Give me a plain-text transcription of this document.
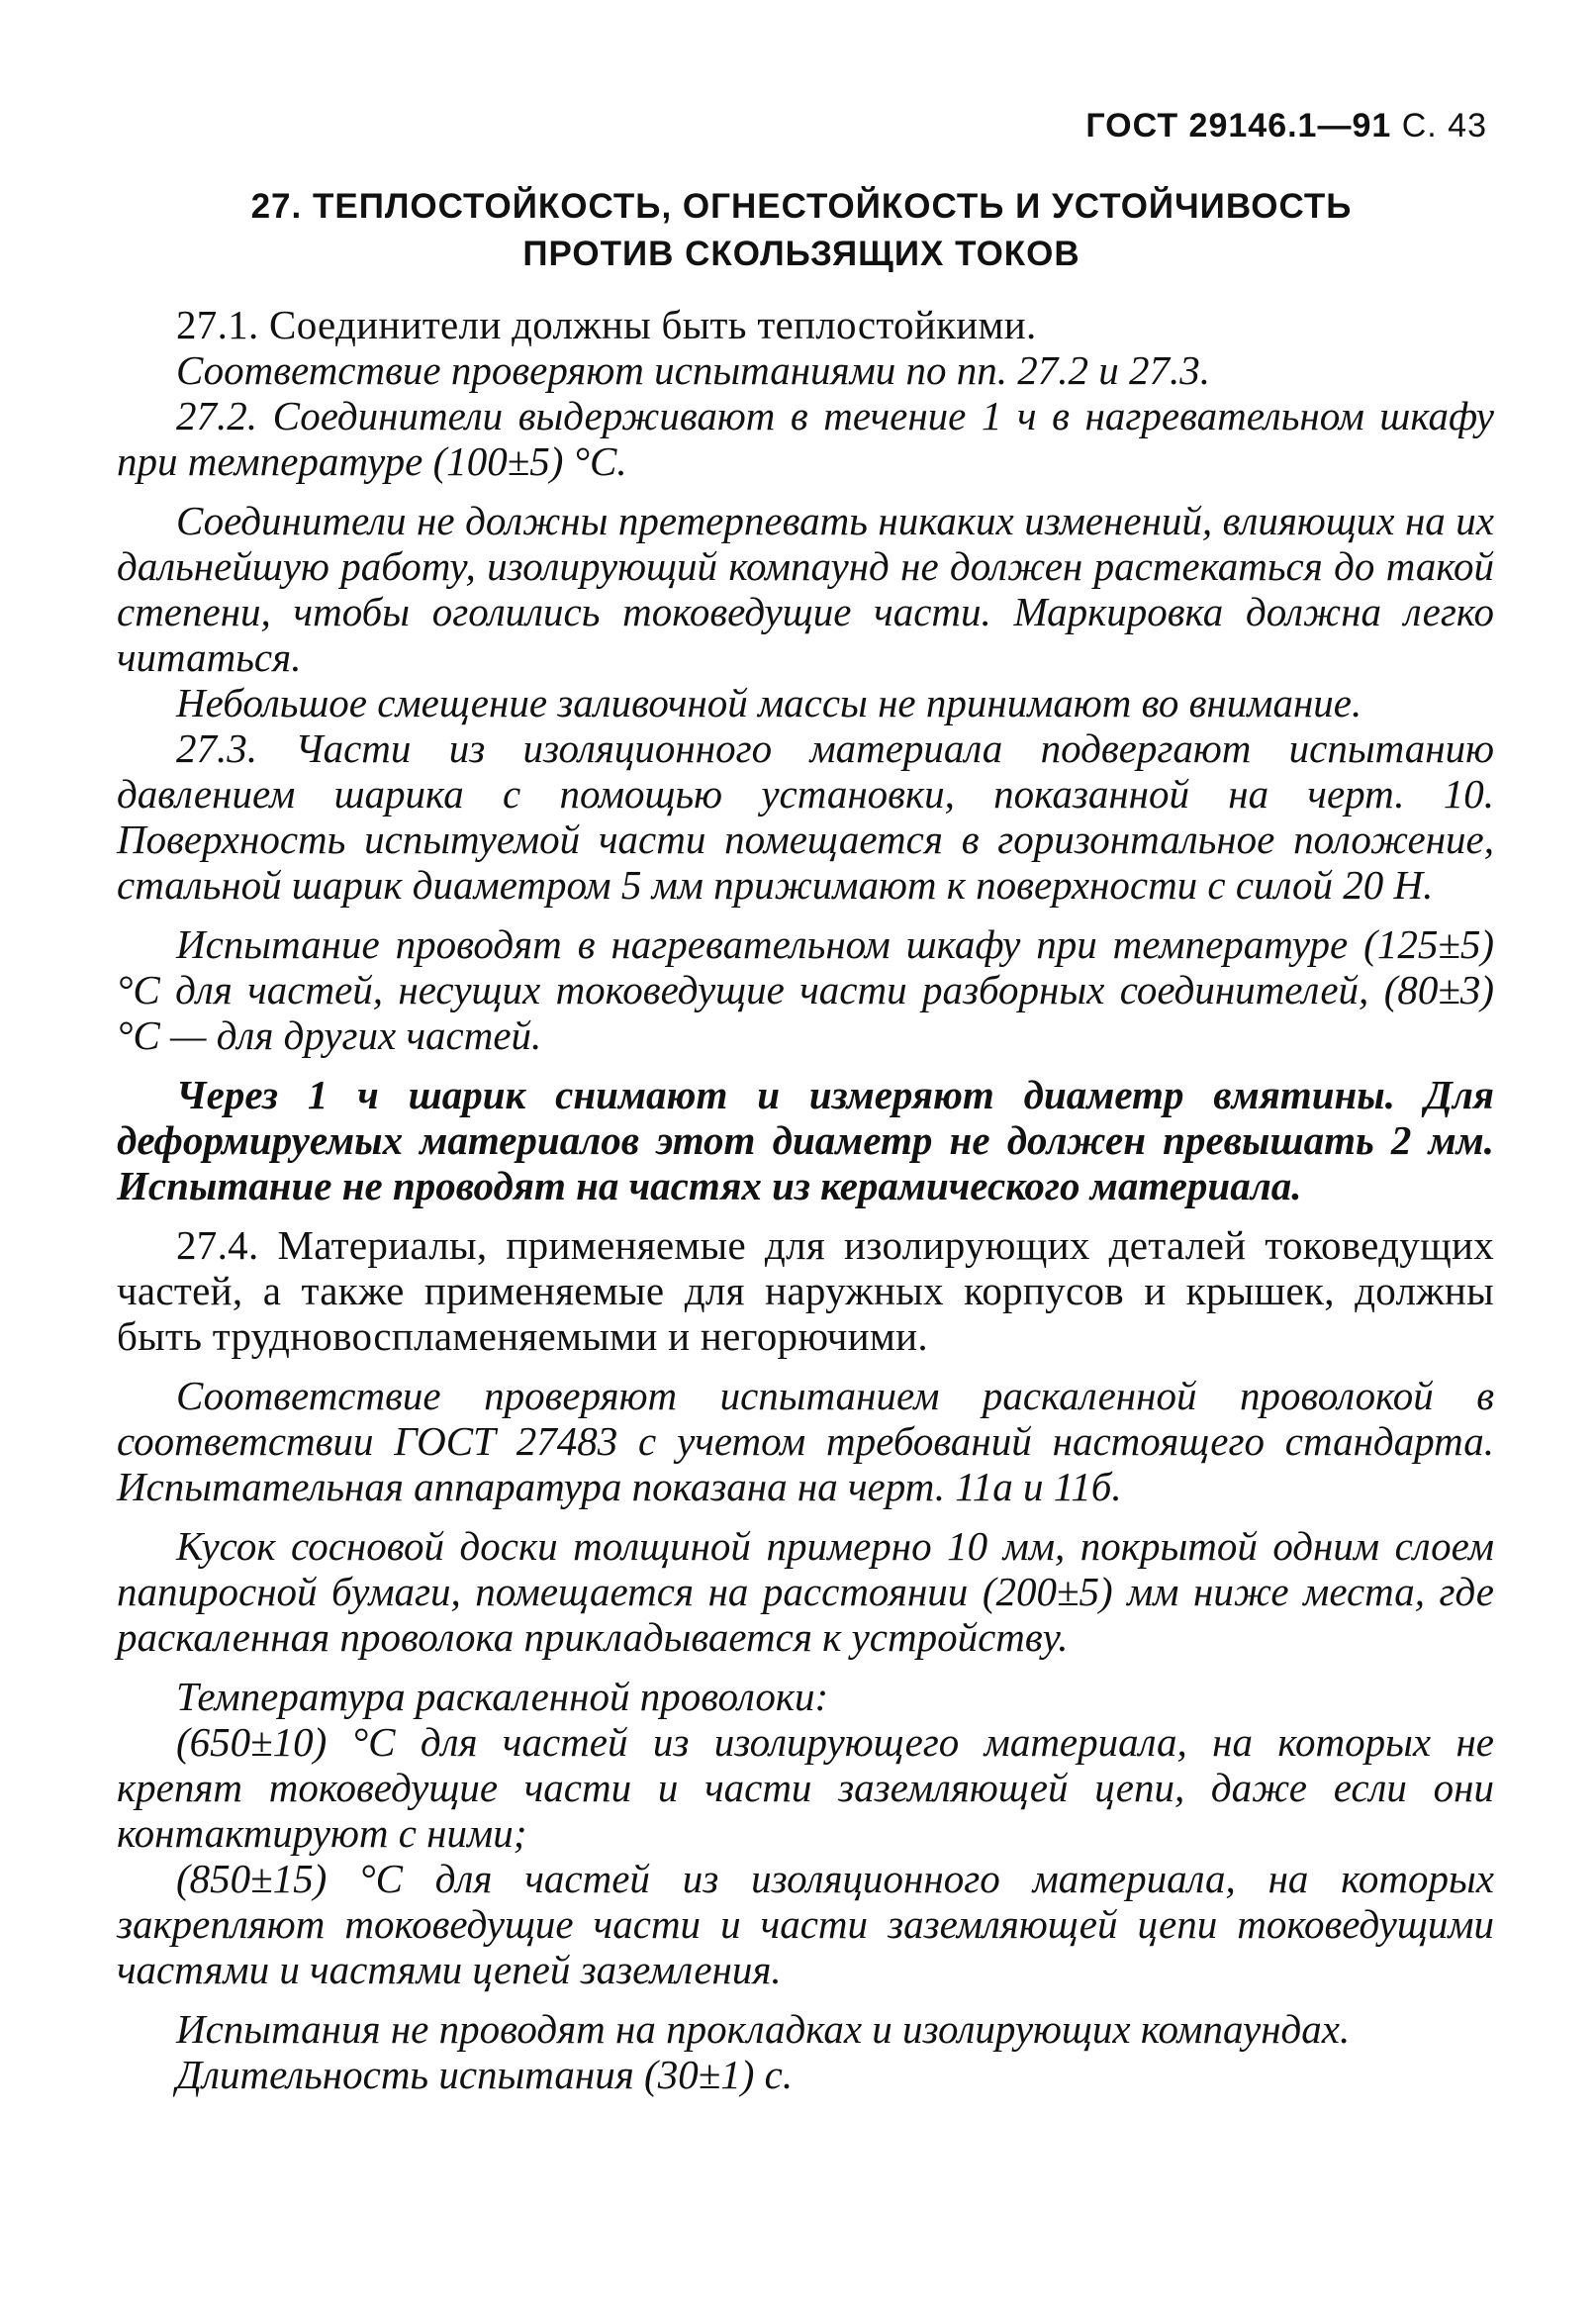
ГОСТ 29146.1—91 С. 43
27. ТЕПЛОСТОЙКОСТЬ, ОГНЕСТОЙКОСТЬ И УСТОЙЧИВОСТЬ
ПРОТИВ СКОЛЬЗЯЩИХ ТОКОВ

27.1. Соединители должны быть теплостойкими.

Соответствие проверяют испытаниями по пп. 27.2 и 27.3.

27.2. Соединители выдерживают в течение 1 ч в нагревательном шкафу при температуре (100±5) °С.

Соединители не должны претерпевать никаких изменений, влияющих на их дальнейшую работу, изолирующий компаунд не должен растекаться до такой степени, чтобы оголились токоведущие части. Маркировка должна легко читаться.

Небольшое смещение заливочной массы не принимают во внимание.

27.3. Части из изоляционного материала подвергают испытанию давлением шарика с помощью установки, показанной на черт. 10. Поверхность испытуемой части помещается в горизонтальное положение, стальной шарик диаметром 5 мм прижимают к поверхности с силой 20 Н.

Испытание проводят в нагревательном шкафу при температуре (125±5) °С для частей, несущих токоведущие части разборных соединителей, (80±3) °С — для других частей.

Через 1 ч шарик снимают и измеряют диаметр вмятины. Для деформируемых материалов этот диаметр не должен превышать 2 мм. Испытание не проводят на частях из керамического материала.

27.4. Материалы, применяемые для изолирующих деталей токоведущих частей, а также применяемые для наружных корпусов и крышек, должны быть трудновоспламеняемыми и негорючими.

Соответствие проверяют испытанием раскаленной проволокой в соответствии ГОСТ 27483 с учетом требований настоящего стандарта. Испытательная аппаратура показана на черт. 11а и 11б.

Кусок сосновой доски толщиной примерно 10 мм, покрытой одним слоем папиросной бумаги, помещается на расстоянии (200±5) мм ниже места, где раскаленная проволока прикладывается к устройству.

Температура раскаленной проволоки:

(650±10) °С для частей из изолирующего материала, на которых не крепят токоведущие части и части заземляющей цепи, даже если они контактируют с ними;

(850±15) °С для частей из изоляционного материала, на которых закрепляют токоведущие части и части заземляющей цепи токоведущими частями и частями цепей заземления.

Испытания не проводят на прокладках и изолирующих компаундах.

Длительность испытания (30±1) с.
